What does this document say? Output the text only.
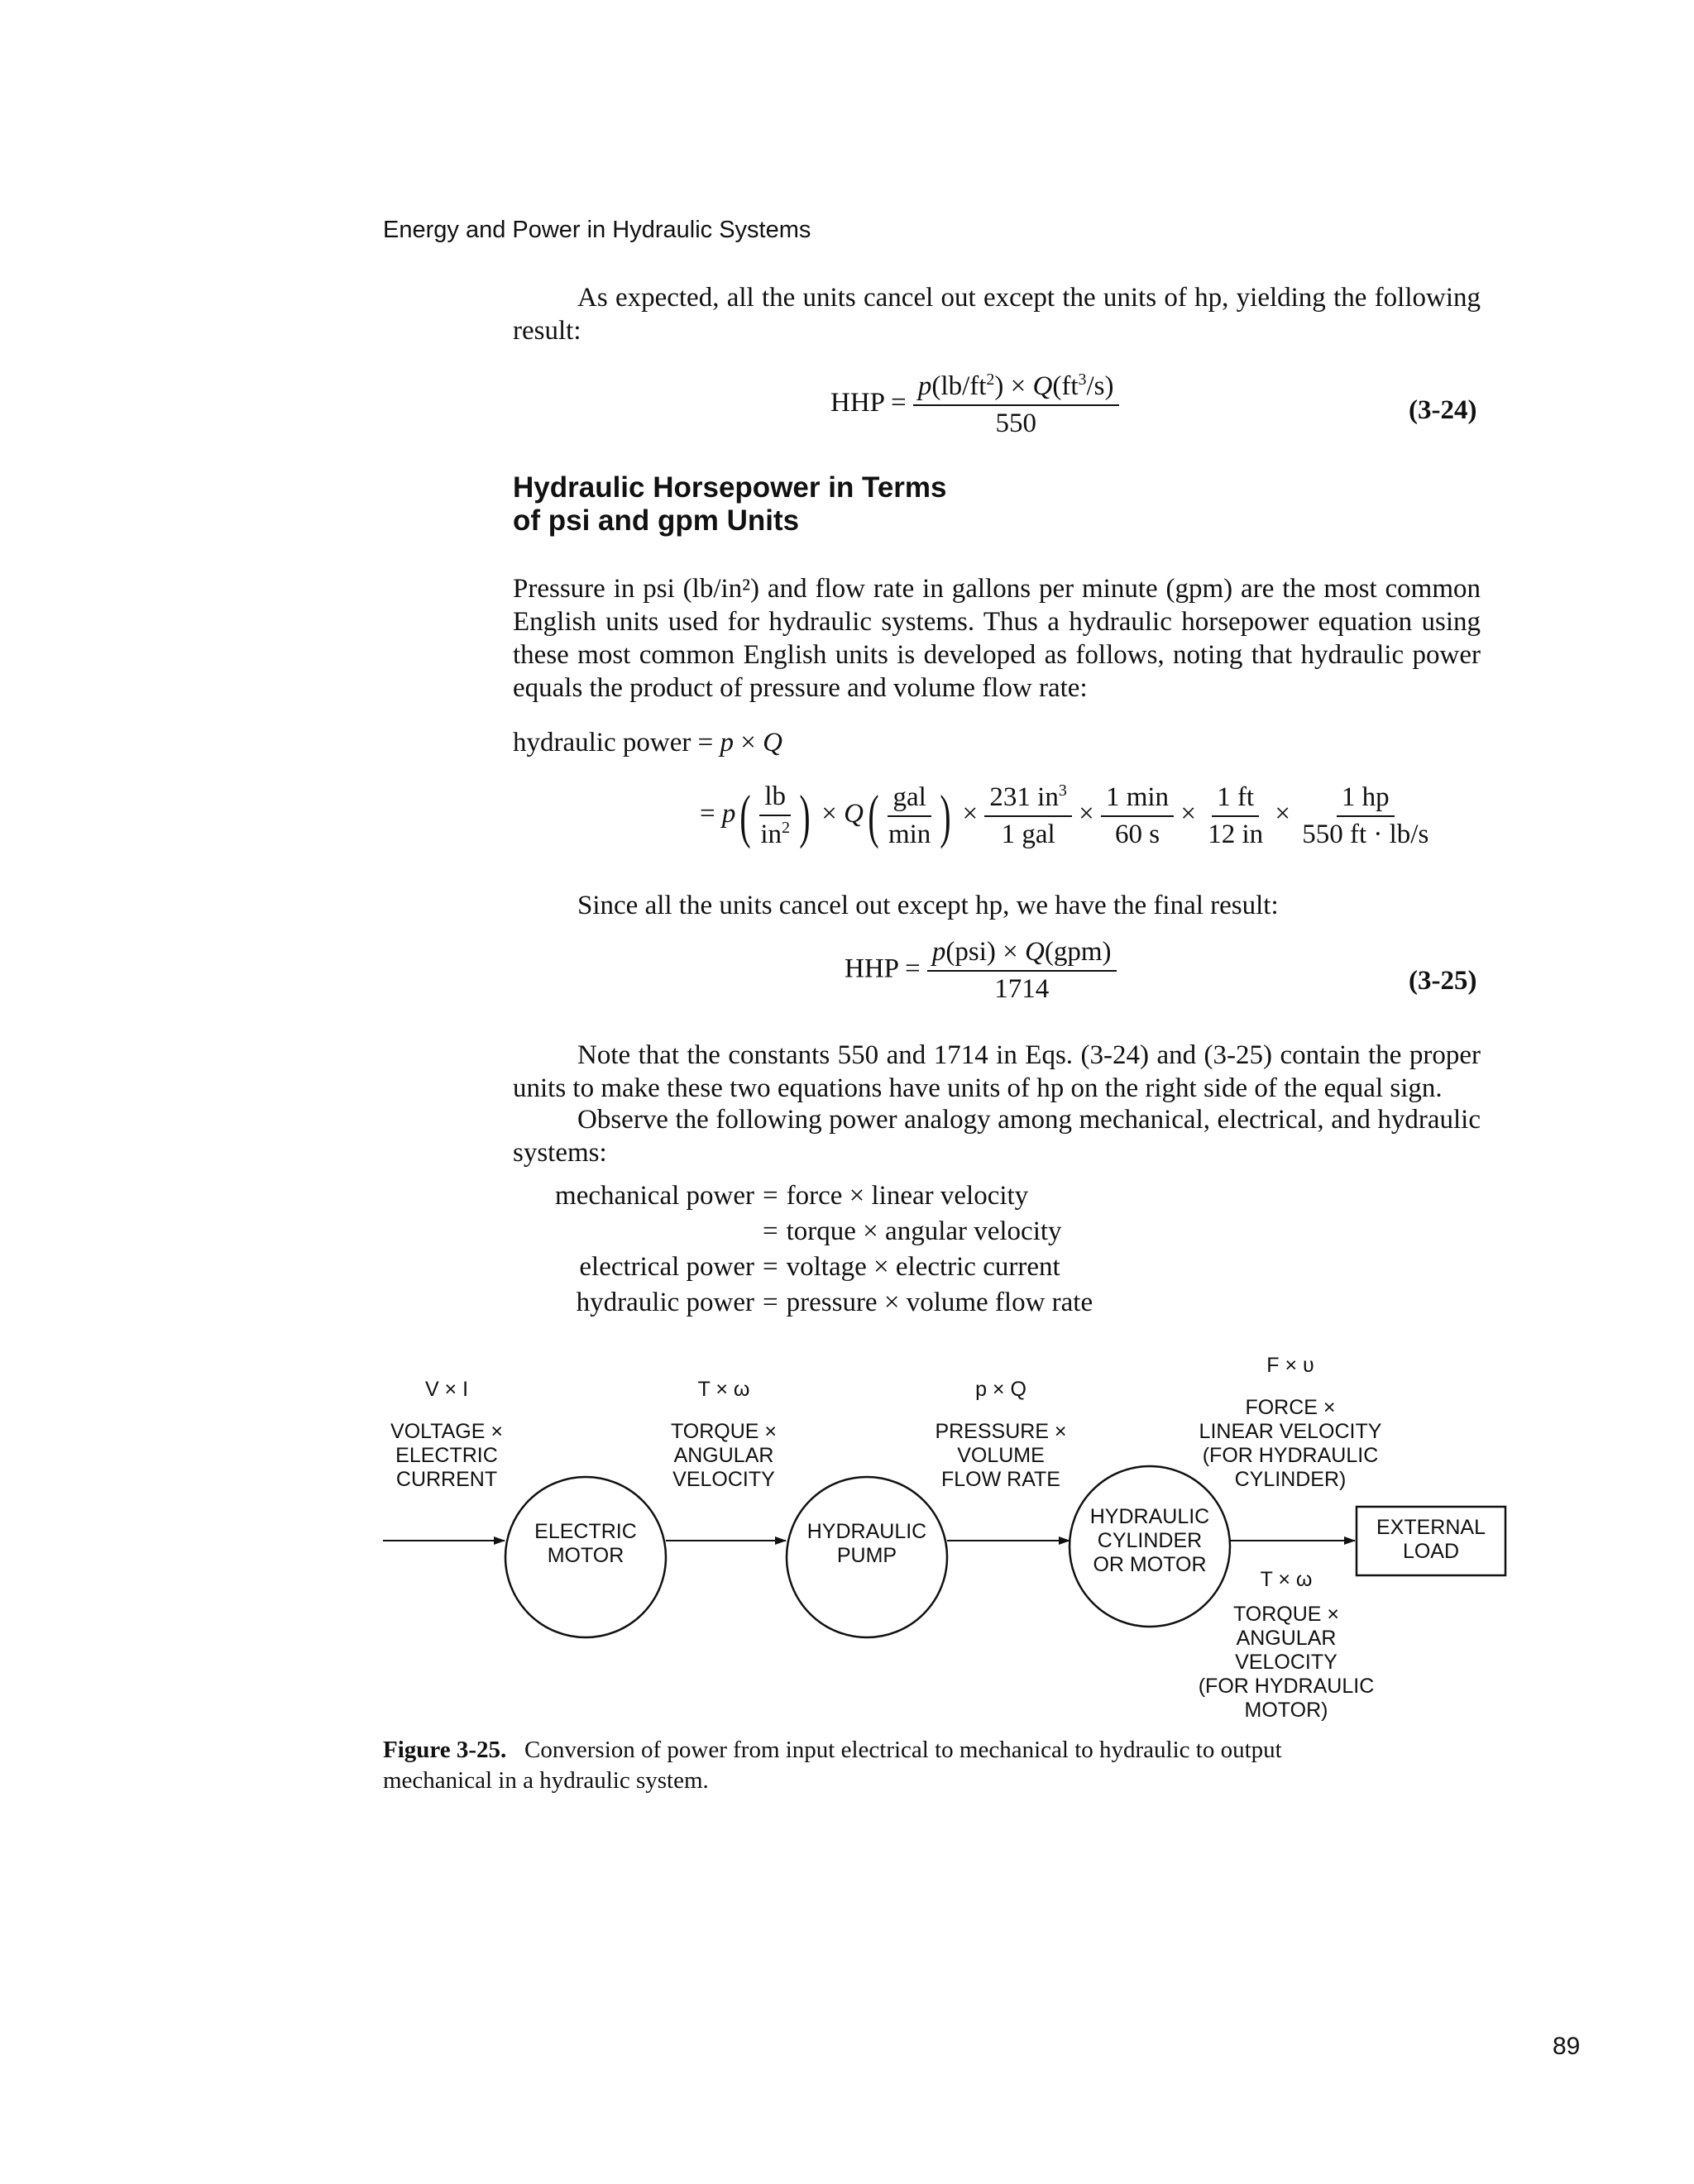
Energy and Power in Hydraulic Systems
As expected, all the units cancel out except the units of hp, yielding the following result:
HHP = $\frac{p(lb/ft^2) \times Q(ft^3/s)}{550}$	(3-24)
Hydraulic Horsepower in Terms
of psi and gpm Units
Pressure in psi (lb/in²) and flow rate in gallons per minute (gpm) are the most common English units used for hydraulic systems. Thus a hydraulic horsepower equation using these most common English units is developed as follows, noting that hydraulic power equals the product of pressure and volume flow rate:
hydraulic power = p × Q
= p ( $\frac{lb}{in^2}$ ) × Q ( $\frac{\text{gal}}{\min}$ ) × $\frac{231 in^3}{\text{1 gal}} \times \frac{1 \min}{60 s} \times \frac{1 ft}{12 in} \times \frac{1 hp}{550 ft \cdot lb/s}$
Since all the units cancel out except hp, we have the final result:
HHP = $\frac{\text{p(psi) × Q(gpm)}}{1714}$	(3-25)
Note that the constants 550 and 1714 in Eqs. (3-24) and (3-25) contain the proper units to make these two equations have units of hp on the right side of the equal sign.
Observe the following power analogy among mechanical, electrical, and hydraulic systems:
mechanical power	=	force × linear velocity
	=	torque × angular velocity
electrical power	=	voltage × electric current
hydraulic power	=	pressure × volume flow rate
V × I
VOLTAGE ×
ELECTRIC
CURRENT
T × ω
TORQUE ×
ANGULAR
VELOCITY
p × Q
PRESSURE ×
VOLUME
FLOW RATE
F × υ
FORCE ×
LINEAR VELOCITY
(FOR HYDRAULIC
CYLINDER)
T × ω
TORQUE ×
ANGULAR
VELOCITY
(FOR HYDRAULIC
MOTOR)
ELECTRIC
MOTOR
HYDRAULIC
PUMP
HYDRAULIC
CYLINDER
OR MOTOR
EXTERNAL
LOAD
Figure 3-25. Conversion of power from input electrical to mechanical to hydraulic to output mechanical in a hydraulic system.
89
